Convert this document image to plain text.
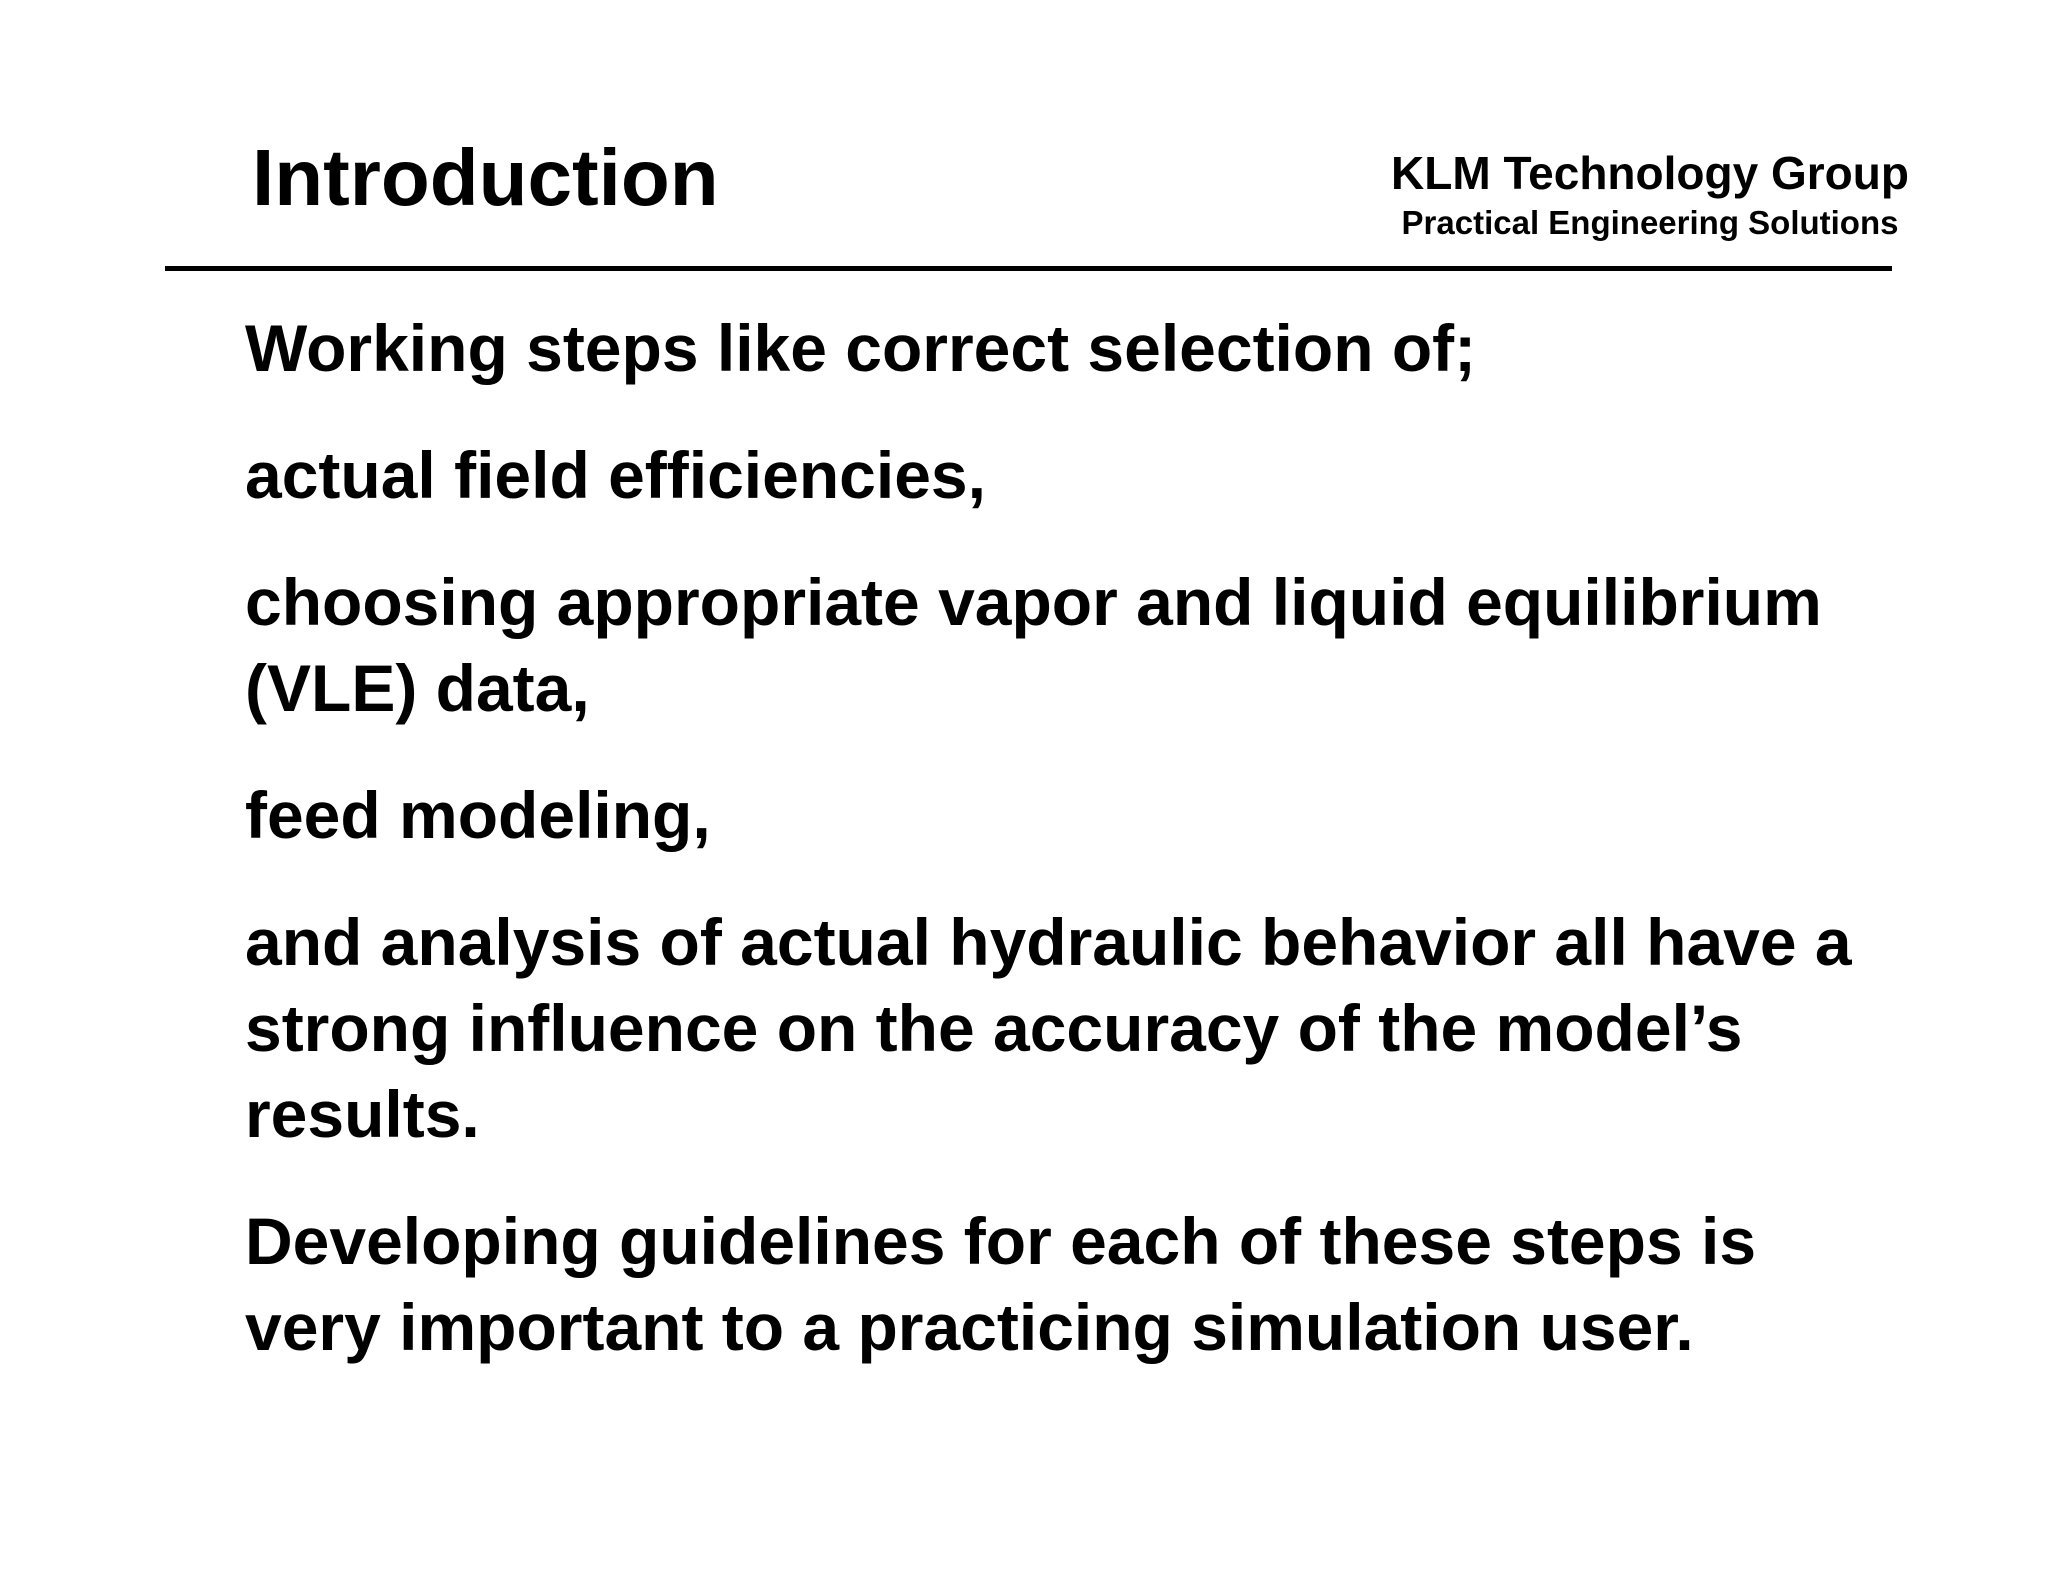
Introduction	KLM Technology Group
Practical Engineering Solutions

Working steps like correct selection of;

actual field efficiencies,

choosing appropriate vapor and liquid equilibrium (VLE) data,

feed modeling,

and analysis of actual hydraulic behavior all have a strong influence on the accuracy of the model’s results.

Developing guidelines for each of these steps is very important to a practicing simulation user.
